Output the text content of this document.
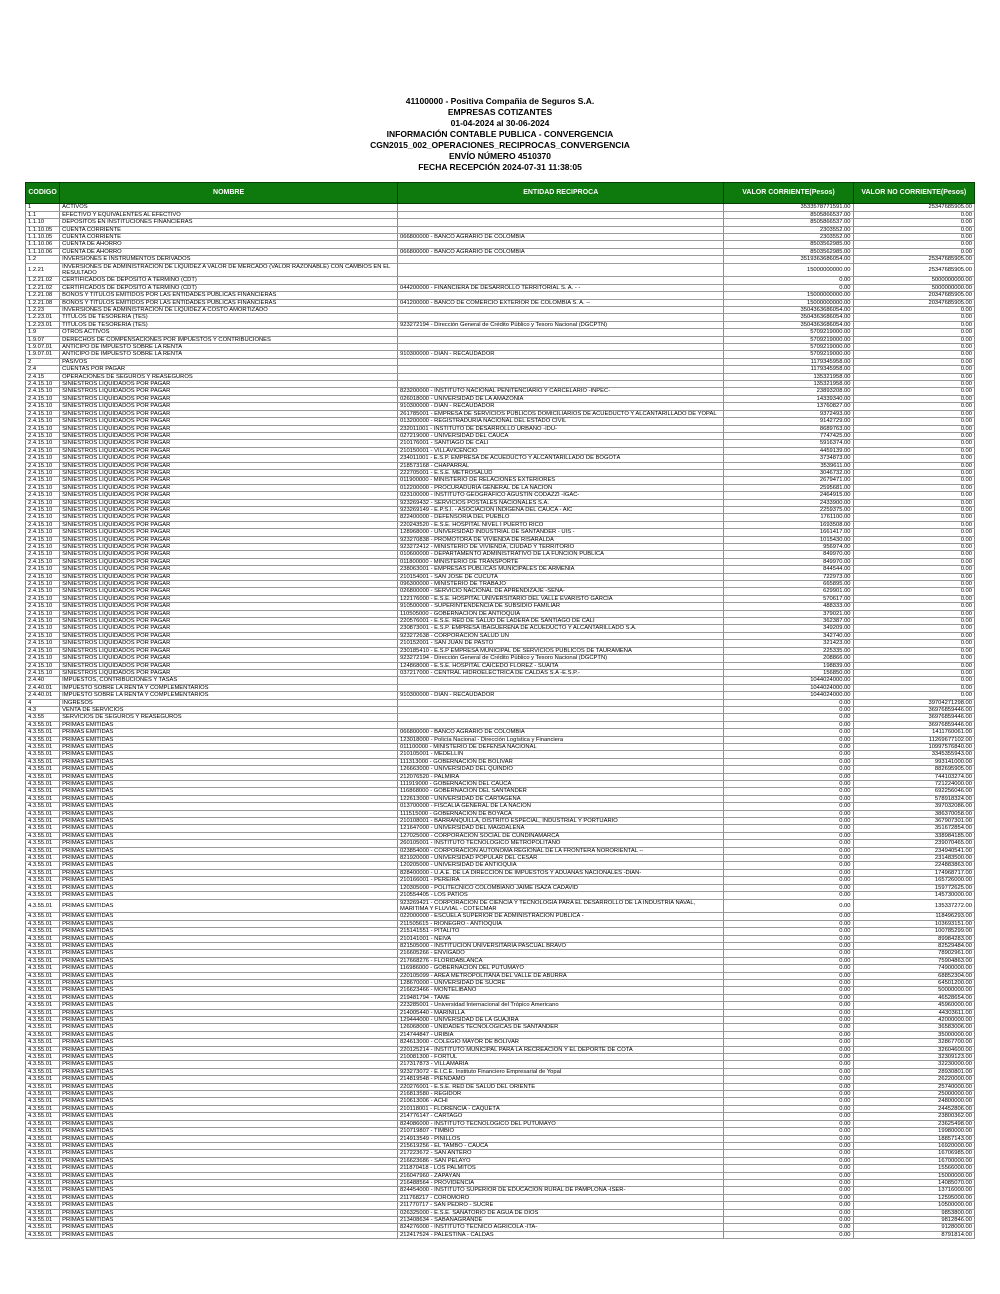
41100000 - Positiva Compañia de Seguros S.A.
EMPRESAS COTIZANTES
01-04-2024 al 30-06-2024
INFORMACIÓN CONTABLE PUBLICA - CONVERGENCIA
CGN2015_002_OPERACIONES_RECIPROCAS_CONVERGENCIA
ENVÍO NÚMERO 4510370
FECHA RECEPCIÓN 2024-07-31 11:38:05
CODIGO	NOMBRE	ENTIDAD RECIPROCA	VALOR CORRIENTE(Pesos)	VALOR NO CORRIENTE(Pesos)
1	ACTIVOS		3533578771591.00	25347685905.00
1.1	EFECTIVO Y EQUIVALENTES AL EFECTIVO		8505866537.00	0.00
1.1.10	DEPOSITOS EN INSTITUCIONES FINANCIERAS		8505866537.00	0.00
1.1.10.05	CUENTA CORRIENTE		2303552.00	0.00
1.1.10.05	CUENTA CORRIENTE	066800000 - BANCO AGRARIO DE COLOMBIA	2303552.00	0.00
1.1.10.06	CUENTA DE AHORRO		8503562985.00	0.00
1.1.10.06	CUENTA DE AHORRO	066800000 - BANCO AGRARIO DE COLOMBIA	8503562985.00	0.00
1.2	INVERSIONES E INSTRUMENTOS DERIVADOS		3519363686054.00	25347685905.00
1.2.21	INVERSIONES DE ADMINISTRACIÓN DE LIQUIDEZ A VALOR DE MERCADO (VALOR RAZONABLE) CON CAMBIOS EN EL RESULTADO		15000000000.00	25347685905.00
1.2.21.02	CERTIFICADOS DE DEPÓSITO A TÉRMINO (CDT)		0.00	5000000000.00
1.2.21.02	CERTIFICADOS DE DEPÓSITO A TÉRMINO (CDT)	044200000 - FINANCIERA DE DESARROLLO TERRITORIAL S. A. - -	0.00	5000000000.00
1.2.21.08	BONOS Y TÍTULOS EMITIDOS POR LAS ENTIDADES PUBLICAS FINANCIERAS		15000000000.00	20347685905.00
1.2.21.08	BONOS Y TÍTULOS EMITIDOS POR LAS ENTIDADES PUBLICAS FINANCIERAS	041200000 - BANCO DE COMERCIO EXTERIOR DE COLOMBIA S. A. --	15000000000.00	20347685905.00
1.2.23	INVERSIONES DE ADMINISTRACIÓN DE LIQUIDEZ A COSTO AMORTIZADO		3504363686054.00	0.00
1.2.23.01	TÍTULOS DE TESORERÍA (TES)		3504363686054.00	0.00
1.2.23.01	TÍTULOS DE TESORERÍA (TES)	923272194 - Dirección General de Crédito Público y Tesoro Nacional (DGCPTN)	3504363686054.00	0.00
1.9	OTROS ACTIVOS		5709219000.00	0.00
1.9.07	DERECHOS DE COMPENSACIONES POR IMPUESTOS Y CONTRIBUCIONES		5709219000.00	0.00
1.9.07.01	ANTICIPO DE IMPUESTO SOBRE LA RENTA		5709219000.00	0.00
1.9.07.01	ANTICIPO DE IMPUESTO SOBRE LA RENTA	910300000 - DIAN - RECAUDADOR	5709219000.00	0.00
2	PASIVOS		1179345958.00	0.00
2.4	CUENTAS POR PAGAR		1179345958.00	0.00
2.4.15	OPERACIONES DE SEGUROS Y REASEGUROS		135321958.00	0.00
2.4.15.10	SINIESTROS LIQUIDADOS POR PAGAR		135321958.00	0.00
2.4.15.10	SINIESTROS LIQUIDADOS POR PAGAR	823200000 - INSTITUTO NACIONAL PENITENCIARIO Y CARCELARIO -INPEC-	23893208.00	0.00
2.4.15.10	SINIESTROS LIQUIDADOS POR PAGAR	026018000 - UNIVERSIDAD DE LA AMAZONIA	14339340.00	0.00
2.4.15.10	SINIESTROS LIQUIDADOS POR PAGAR	910300000 - DIAN - RECAUDADOR	13760827.00	0.00
2.4.15.10	SINIESTROS LIQUIDADOS POR PAGAR	261785001 - EMPRESA DE SERVICIOS PUBLICOS DOMICILIARIOS DE ACUEDUCTO Y ALCANTARILLADO DE YOPAL	9372493.00	0.00
2.4.15.10	SINIESTROS LIQUIDADOS POR PAGAR	013200000 - REGISTRADURIA NACIONAL DEL ESTADO CIVIL	9142729.00	0.00
2.4.15.10	SINIESTROS LIQUIDADOS POR PAGAR	232011001 - INSTITUTO DE DESARROLLO URBANO -IDU-	8689763.00	0.00
2.4.15.10	SINIESTROS LIQUIDADOS POR PAGAR	027219000 - UNIVERSIDAD DEL CAUCA	7747425.00	0.00
2.4.15.10	SINIESTROS LIQUIDADOS POR PAGAR	210176001 - SANTIAGO DE CALI	5916374.00	0.00
2.4.15.10	SINIESTROS LIQUIDADOS POR PAGAR	210150001 - VILLAVICENCIO	4459139.00	0.00
2.4.15.10	SINIESTROS LIQUIDADOS POR PAGAR	234011001 - E.S.P. EMPRESA DE ACUEDUCTO Y ALCANTARILLADO DE BOGOTÁ	3734873.00	0.00
2.4.15.10	SINIESTROS LIQUIDADOS POR PAGAR	218573168 - CHAPARRAL	3539611.00	0.00
2.4.15.10	SINIESTROS LIQUIDADOS POR PAGAR	222705001 - E.S.E. METROSALUD	3046732.00	0.00
2.4.15.10	SINIESTROS LIQUIDADOS POR PAGAR	011900000 - MINISTERIO DE RELACIONES EXTERIORES	2679471.00	0.00
2.4.15.10	SINIESTROS LIQUIDADOS POR PAGAR	012200000 - PROCURADURIA GENERAL DE LA NACION	2595681.00	0.00
2.4.15.10	SINIESTROS LIQUIDADOS POR PAGAR	023100000 - INSTITUTO GEOGRAFICO AGUSTIN CODAZZI -IGAC-	2464915.00	0.00
2.4.15.10	SINIESTROS LIQUIDADOS POR PAGAR	923269432 - SERVICIOS POSTALES NACIONALES S.A.	2433900.00	0.00
2.4.15.10	SINIESTROS LIQUIDADOS POR PAGAR	923269149 - E.P.S.I. - ASOCIACION INDIGENA DEL CAUCA - AIC	2259375.00	0.00
2.4.15.10	SINIESTROS LIQUIDADOS POR PAGAR	822400000 - DEFENSORIA DEL PUEBLO	1761100.00	0.00
2.4.15.10	SINIESTROS LIQUIDADOS POR PAGAR	220243520 - E.S.E. HOSPITAL NIVEL I PUERTO RICO	1693508.00	0.00
2.4.15.10	SINIESTROS LIQUIDADOS POR PAGAR	128968000 - UNIVERSIDAD INDUSTRIAL DE SANTANDER - UIS -	1661417.00	0.00
2.4.15.10	SINIESTROS LIQUIDADOS POR PAGAR	923270838 - PROMOTORA DE VIVIENDA DE RISARALDA	1015430.00	0.00
2.4.15.10	SINIESTROS LIQUIDADOS POR PAGAR	923272412 - MINISTERIO DE VIVIENDA, CIUDAD Y TERRITORIO	956974.00	0.00
2.4.15.10	SINIESTROS LIQUIDADOS POR PAGAR	010600000 - DEPARTAMENTO ADMINISTRATIVO DE LA FUNCION PUBLICA	849970.00	0.00
2.4.15.10	SINIESTROS LIQUIDADOS POR PAGAR	011800000 - MINISTERIO DE TRANSPORTE	849970.00	0.00
2.4.15.10	SINIESTROS LIQUIDADOS POR PAGAR	238063001 - EMPRESAS PUBLICAS MUNICIPALES DE ARMENIA	844544.00	0.00
2.4.15.10	SINIESTROS LIQUIDADOS POR PAGAR	210154001 - SAN JOSÉ DE CÚCUTA	722973.00	0.00
2.4.15.10	SINIESTROS LIQUIDADOS POR PAGAR	096300000 - MINISTERIO DE TRABAJO	665895.00	0.00
2.4.15.10	SINIESTROS LIQUIDADOS POR PAGAR	026800000 - SERVICIO NACIONAL DE APRENDIZAJE -SENA-	629901.00	0.00
2.4.15.10	SINIESTROS LIQUIDADOS POR PAGAR	122176000 - E.S.E. HOSPITAL UNIVERSITARIO DEL VALLE EVARISTO GARCIA	570617.00	0.00
2.4.15.10	SINIESTROS LIQUIDADOS POR PAGAR	910500000 - SUPERINTENDENCIA DE SUBSIDIO FAMILIAR	488333.00	0.00
2.4.15.10	SINIESTROS LIQUIDADOS POR PAGAR	110505000 - GOBERNACIÓN DE ANTIOQUIA	379021.00	0.00
2.4.15.10	SINIESTROS LIQUIDADOS POR PAGAR	220576001 - E.S.E. RED DE SALUD DE LADERA DE SANTIAGO DE CALI	362387.00	0.00
2.4.15.10	SINIESTROS LIQUIDADOS POR PAGAR	230873001 - E.S.P. EMPRESA IBAGUEREÑA DE ACUEDUCTO Y ALCANTARILLADO S.A.	349209.00	0.00
2.4.15.10	SINIESTROS LIQUIDADOS POR PAGAR	923272638 - CORPORACIÓN SALUD UN	342740.00	0.00
2.4.15.10	SINIESTROS LIQUIDADOS POR PAGAR	210152001 - SAN JUAN DE PASTO	321423.00	0.00
2.4.15.10	SINIESTROS LIQUIDADOS POR PAGAR	230185410 - E.S.P EMPRESA MUNICIPAL DE SERVICIOS PUBLICOS DE TAURAMENA	225335.00	0.00
2.4.15.10	SINIESTROS LIQUIDADOS POR PAGAR	923272194 - Dirección General de Crédito Público y Tesoro Nacional (DGCPTN)	208866.00	0.00
2.4.15.10	SINIESTROS LIQUIDADOS POR PAGAR	124868000 - E.S.E. HOSPITAL CAICEDO FLOREZ - SUAITA	198839.00	0.00
2.4.15.10	SINIESTROS LIQUIDADOS POR PAGAR	037217000 - CENTRAL HIDROELECTRICA DE CALDAS S.A -E.S.P.-	156850.00	0.00
2.4.40	IMPUESTOS, CONTRIBUCIONES Y TASAS		1044024000.00	0.00
2.4.40.01	IMPUESTO SOBRE LA RENTA Y COMPLEMENTARIOS		1044024000.00	0.00
2.4.40.01	IMPUESTO SOBRE LA RENTA Y COMPLEMENTARIOS	910300000 - DIAN - RECAUDADOR	1044024000.00	0.00
4	INGRESOS		0.00	39704271298.00
4.3	VENTA DE SERVICIOS		0.00	36976859446.00
4.3.55	SERVICIOS DE SEGUROS Y REASEGUROS		0.00	36976859446.00
4.3.55.01	PRIMAS EMITIDAS		0.00	36976859446.00
4.3.55.01	PRIMAS EMITIDAS	066800000 - BANCO AGRARIO DE COLOMBIA	0.00	1411760061.00
4.3.55.01	PRIMAS EMITIDAS	123018000 - Policía Nacional - Dirección Logística y Financiera	0.00	11269677102.00
4.3.55.01	PRIMAS EMITIDAS	011100000 - MINISTERIO DE DEFENSA NACIONAL	0.00	10997576840.00
4.3.55.01	PRIMAS EMITIDAS	210105001 - MEDELLÍN	0.00	3345355943.00
4.3.55.01	PRIMAS EMITIDAS	111313000 - GOBERNACIÓN DE BOLIVAR	0.00	993141000.00
4.3.55.01	PRIMAS EMITIDAS	126663000 - UNIVERSIDAD DEL QUINDIO	0.00	882695905.00
4.3.55.01	PRIMAS EMITIDAS	212076520 - PALMIRA	0.00	744103274.00
4.3.55.01	PRIMAS EMITIDAS	111919000 - GOBERNACIÓN DEL CAUCA	0.00	721224000.00
4.3.55.01	PRIMAS EMITIDAS	116868000 - GOBERNACIÓN DEL SANTANDER	0.00	692256046.00
4.3.55.01	PRIMAS EMITIDAS	122613000 - UNIVERSIDAD DE CARTAGENA	0.00	578918324.00
4.3.55.01	PRIMAS EMITIDAS	013700000 - FISCALIA GENERAL DE LA NACION	0.00	397032086.00
4.3.55.01	PRIMAS EMITIDAS	111515000 - GOBERNACIÓN DE BOYACÁ	0.00	386370058.00
4.3.55.01	PRIMAS EMITIDAS	210108001 - BARRANQUILLA, DISTRITO ESPECIAL, INDUSTRIAL Y PORTUARIO	0.00	367907301.00
4.3.55.01	PRIMAS EMITIDAS	121647000 - UNIVERSIDAD DEL MAGDALENA	0.00	351672854.00
4.3.55.01	PRIMAS EMITIDAS	127025000 - CORPORACIÓN SOCIAL DE CUNDINAMARCA	0.00	338984185.00
4.3.55.01	PRIMAS EMITIDAS	260105001 - INSTITUTO TECNOLOGICO METROPOLITANO	0.00	239070465.00
4.3.55.01	PRIMAS EMITIDAS	023854000 - CORPORACION AUTONOMA REGIONAL DE LA FRONTERA NORORIENTAL --	0.00	234940541.00
4.3.55.01	PRIMAS EMITIDAS	821920000 - UNIVERSIDAD POPULAR DEL CESAR	0.00	231483500.00
4.3.55.01	PRIMAS EMITIDAS	120205000 - UNIVERSIDAD DE ANTIOQUIA	0.00	224883863.00
4.3.55.01	PRIMAS EMITIDAS	828400000 - U.A.E. DE LA DIRECCION DE IMPUESTOS Y ADUANAS NACIONALES -DIAN-	0.00	174968717.00
4.3.55.01	PRIMAS EMITIDAS	210166001 - PEREIRA	0.00	165726000.00
4.3.55.01	PRIMAS EMITIDAS	120305000 - POLITECNICO COLOMBIANO JAIME ISAZA CADAVID	0.00	159772625.00
4.3.55.01	PRIMAS EMITIDAS	210554405 - LOS PATIOS	0.00	145730000.00
4.3.55.01	PRIMAS EMITIDAS	923269421 - CORPORACION DE CIENCIA Y TECNOLOGIA PARA EL DESARROLLO DE LA INDUSTRIA NAVAL, MARITIMA Y FLUVIAL - COTECMAR	0.00	135337272.00
4.3.55.01	PRIMAS EMITIDAS	022000000 - ESCUELA SUPERIOR DE ADMINISTRACIÓN PÚBLICA -	0.00	118496293.00
4.3.55.01	PRIMAS EMITIDAS	211505615 - RIONEGRO - ANTIOQUIA	0.00	103693151.00
4.3.55.01	PRIMAS EMITIDAS	215141551 - PITALITO	0.00	100785299.00
4.3.55.01	PRIMAS EMITIDAS	210141001 - NEIVA	0.00	89984283.00
4.3.55.01	PRIMAS EMITIDAS	821505000 - INSTITUCIÓN UNIVERSITARIA PASCUAL BRAVO	0.00	82529484.00
4.3.55.01	PRIMAS EMITIDAS	216605266 - ENVIGADO	0.00	78902961.00
4.3.55.01	PRIMAS EMITIDAS	217668276 - FLORIDABLANCA	0.00	75904863.00
4.3.55.01	PRIMAS EMITIDAS	116986000 - GOBERNACIÓN DEL PUTUMAYO	0.00	74900000.00
4.3.55.01	PRIMAS EMITIDAS	220105099 - AREA METROPOLITANA DEL VALLE DE ABURRA	0.00	68852304.00
4.3.55.01	PRIMAS EMITIDAS	128670000 - UNIVERSIDAD DE SUCRE	0.00	64501200.00
4.3.55.01	PRIMAS EMITIDAS	216623466 - MONTELIBANO	0.00	50000000.00
4.3.55.01	PRIMAS EMITIDAS	219481794 - TAME	0.00	46528654.00
4.3.55.01	PRIMAS EMITIDAS	223285001 - Universidad Internacional del Trópico Americano	0.00	45960000.00
4.3.55.01	PRIMAS EMITIDAS	214005440 - MARINILLA	0.00	44303611.00
4.3.55.01	PRIMAS EMITIDAS	129444000 - UNIVERSIDAD DE LA GUAJIRA	0.00	42000000.00
4.3.55.01	PRIMAS EMITIDAS	126068000 - UNIDADES TECNOLOGICAS DE SANTANDER	0.00	36583006.00
4.3.55.01	PRIMAS EMITIDAS	214744847 - URIBIA	0.00	35000000.00
4.3.55.01	PRIMAS EMITIDAS	824613000 - COLEGIO MAYOR DE BOLIVAR	0.00	32867700.00
4.3.55.01	PRIMAS EMITIDAS	220125214 - INSTITUTO MUNICIPAL PARA LA RECREACIÓN Y EL DEPORTE DE COTA	0.00	32604600.00
4.3.55.01	PRIMAS EMITIDAS	210081300 - FORTUL	0.00	32309123.00
4.3.55.01	PRIMAS EMITIDAS	217317873 - VILLAMARÍA	0.00	32230000.00
4.3.55.01	PRIMAS EMITIDAS	923273072 - E.I.C.E. Instituto Financiero Empresarial de Yopal	0.00	28930801.00
4.3.55.01	PRIMAS EMITIDAS	214819548 - PIENDAMÓ	0.00	26220000.00
4.3.55.01	PRIMAS EMITIDAS	220276001 - E.S.E. RED DE SALUD DEL ORIENTE	0.00	25740000.00
4.3.55.01	PRIMAS EMITIDAS	216813580 - REGIDOR	0.00	25000000.00
4.3.55.01	PRIMAS EMITIDAS	210613006 - ACHÍ	0.00	24800000.00
4.3.55.01	PRIMAS EMITIDAS	210118001 - FLORENCIA - CAQUETÁ	0.00	24452806.00
4.3.55.01	PRIMAS EMITIDAS	214776147 - CARTAGO	0.00	23800362.00
4.3.55.01	PRIMAS EMITIDAS	824086000 - INSTITUTO TECNOLOGICO DEL PUTUMAYO	0.00	23625498.00
4.3.55.01	PRIMAS EMITIDAS	210719807 - TIMBÍO	0.00	19980000.00
4.3.55.01	PRIMAS EMITIDAS	214913549 - PINILLOS	0.00	18857143.00
4.3.55.01	PRIMAS EMITIDAS	215619256 - EL TAMBO - CAUCA	0.00	16920000.00
4.3.55.01	PRIMAS EMITIDAS	217223672 - SAN ANTERO	0.00	16706985.00
4.3.55.01	PRIMAS EMITIDAS	216623686 - SAN PELAYO	0.00	16700000.00
4.3.55.01	PRIMAS EMITIDAS	211870418 - LOS PALMITOS	0.00	15566000.00
4.3.55.01	PRIMAS EMITIDAS	216047960 - ZAPAYÁN	0.00	15000000.00
4.3.55.01	PRIMAS EMITIDAS	216488564 - PROVIDENCIA	0.00	14085070.00
4.3.55.01	PRIMAS EMITIDAS	824454000 - INSTITUTO SUPERIOR DE EDUCACIÓN RURAL DE PAMPLONA -ISER-	0.00	13716000.00
4.3.55.01	PRIMAS EMITIDAS	211768217 - COROMORO	0.00	12595000.00
4.3.55.01	PRIMAS EMITIDAS	211770717 - SAN PEDRO - SUCRE	0.00	10500000.00
4.3.55.01	PRIMAS EMITIDAS	026325000 - E.S.E. SANATORIO DE AGUA DE DIOS	0.00	9853800.00
4.3.55.01	PRIMAS EMITIDAS	213408634 - SABANAGRANDE	0.00	9812846.00
4.3.55.01	PRIMAS EMITIDAS	824276000 - INSTITUTO TECNICO AGRICOLA -ITA-	0.00	9128000.00
4.3.55.01	PRIMAS EMITIDAS	212417524 - PALESTINA - CALDAS	0.00	8791814.00
